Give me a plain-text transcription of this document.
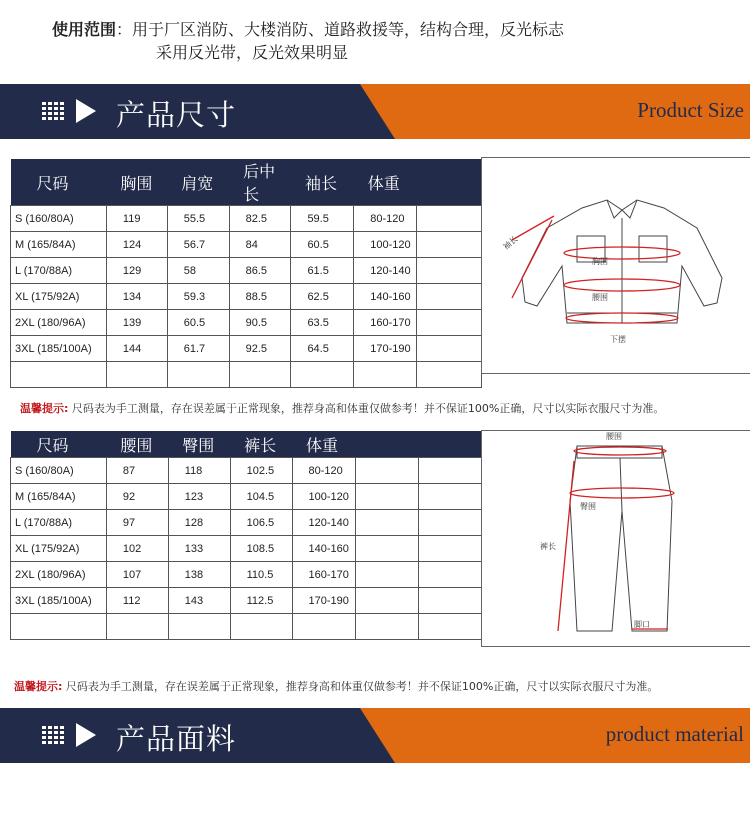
使用范围：用于厂区消防、大楼消防、道路救援等，结构合理，反光标志
采用反光带，反光效果明显
产品尺寸	Product Size
尺码	胸围	肩宽	后中长	袖长	体重	
S (160/80A)	119	55.5	82.5	59.5	80-120	
M (165/84A)	124	56.7	84	60.5	100-120	
L (170/88A)	129	58	86.5	61.5	120-140	
XL (175/92A)	134	59.3	88.5	62.5	140-160	
2XL (180/96A)	139	60.5	90.5	63.5	160-170	
3XL (185/100A)	144	61.7	92.5	64.5	170-190	

袖长
胸围
腰围
下摆
温馨提示: 尺码表为手工测量，存在误差属于正常现象，推荐身高和体重仅做参考！并不保证100%正确，尺寸以实际衣服尺寸为准。
尺码	腰围	臀围	裤长	体重		
S (160/80A)	87	118	102.5	80-120		
M (165/84A)	92	123	104.5	100-120		
L (170/88A)	97	128	106.5	120-140		
XL (175/92A)	102	133	108.5	140-160		
2XL (180/96A)	107	138	110.5	160-170		
3XL (185/100A)	112	143	112.5	170-190		

腰围
臀围
裤长
脚口
温馨提示: 尺码表为手工测量，存在误差属于正常现象，推荐身高和体重仅做参考！并不保证100%正确，尺寸以实际衣服尺寸为准。
产品面料	product material
